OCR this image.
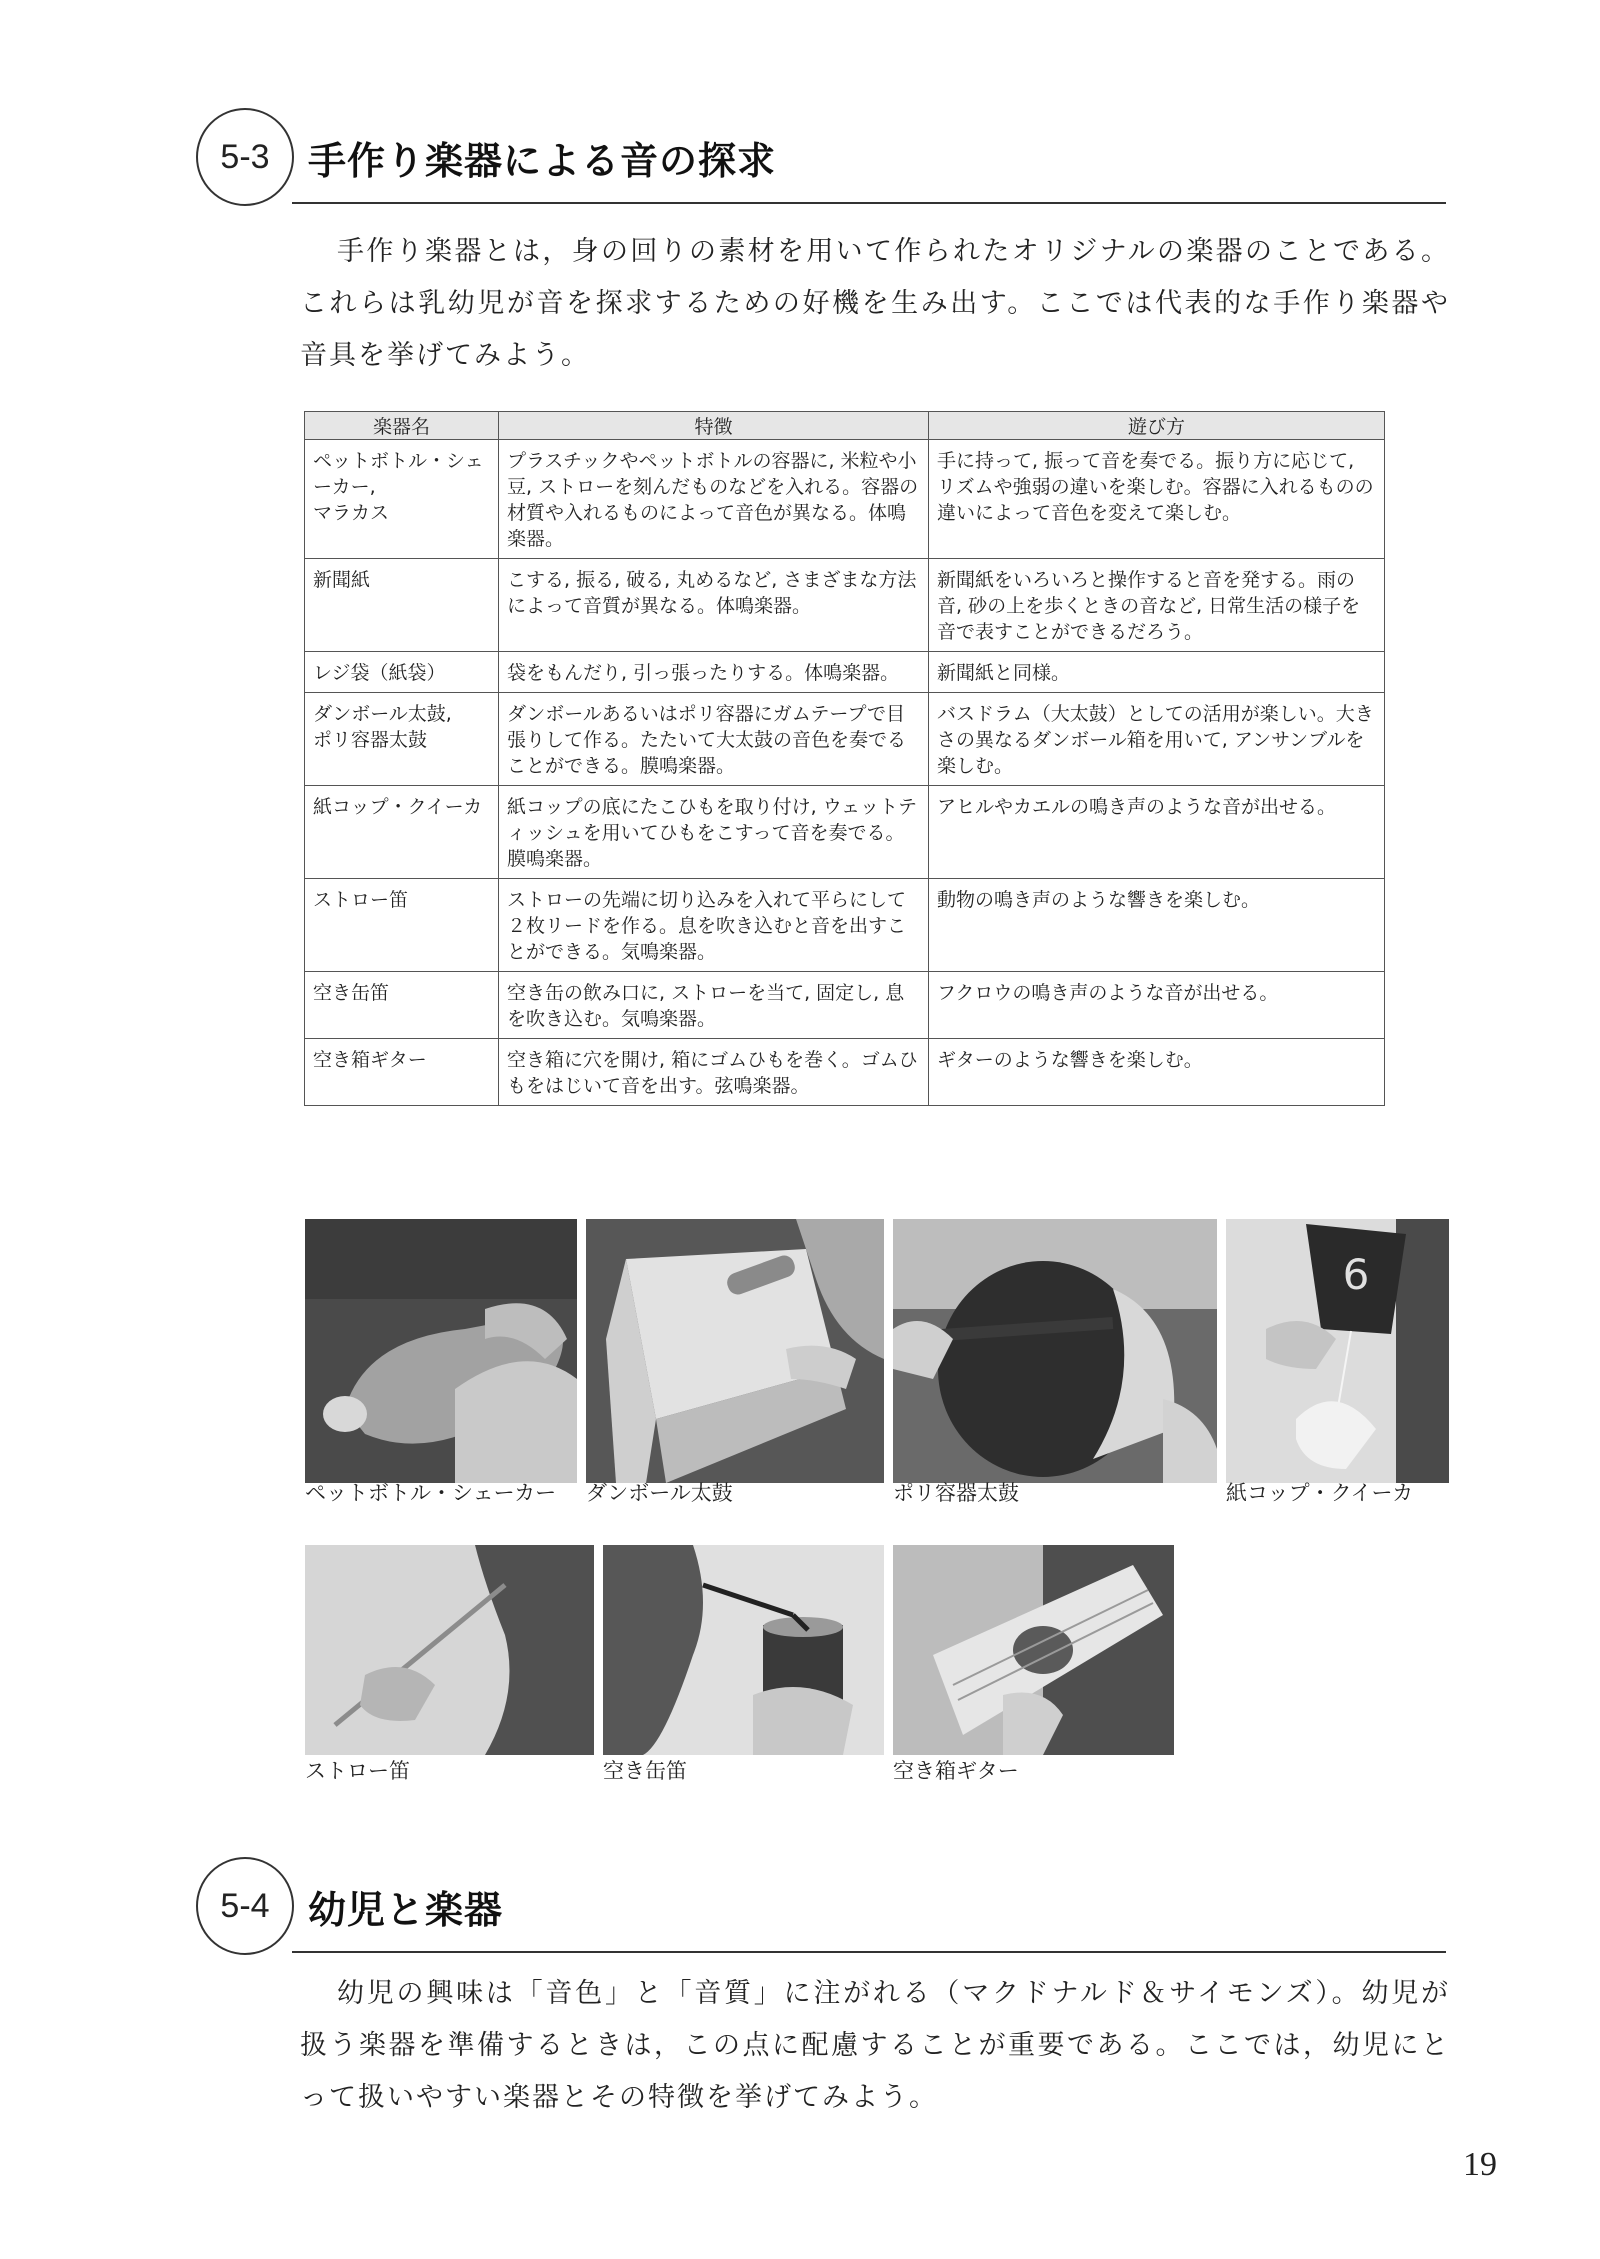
5-3	手作り楽器による音の探求
手作り楽器とは，身の回りの素材を用いて作られたオリジナルの楽器のことである。これらは乳幼児が音を探求するための好機を生み出す。ここでは代表的な手作り楽器や音具を挙げてみよう。
楽器名	特徴	遊び方
ペットボトル・シェーカー,
マラカス	プラスチックやペットボトルの容器に, 米粒や小豆, ストローを刻んだものなどを入れる。容器の材質や入れるものによって音色が異なる。体鳴楽器。	手に持って, 振って音を奏でる。振り方に応じて, リズムや強弱の違いを楽しむ。容器に入れるものの違いによって音色を変えて楽しむ。
新聞紙	こする, 振る, 破る, 丸めるなど, さまざまな方法によって音質が異なる。体鳴楽器。	新聞紙をいろいろと操作すると音を発する。雨の音, 砂の上を歩くときの音など, 日常生活の様子を音で表すことができるだろう。
レジ袋（紙袋）	袋をもんだり, 引っ張ったりする。体鳴楽器。	新聞紙と同様。
ダンボール太鼓,
ポリ容器太鼓	ダンボールあるいはポリ容器にガムテープで目張りして作る。たたいて大太鼓の音色を奏でることができる。膜鳴楽器。	バスドラム（大太鼓）としての活用が楽しい。大きさの異なるダンボール箱を用いて, アンサンブルを楽しむ。
紙コップ・クイーカ	紙コップの底にたこひもを取り付け, ウェットティッシュを用いてひもをこすって音を奏でる。膜鳴楽器。	アヒルやカエルの鳴き声のような音が出せる。
ストロー笛	ストローの先端に切り込みを入れて平らにして２枚リードを作る。息を吹き込むと音を出すことができる。気鳴楽器。	動物の鳴き声のような響きを楽しむ。
空き缶笛	空き缶の飲み口に, ストローを当て, 固定し, 息を吹き込む。気鳴楽器。	フクロウの鳴き声のような音が出せる。
空き箱ギター	空き箱に穴を開け, 箱にゴムひもを巻く。ゴムひもをはじいて音を出す。弦鳴楽器。	ギターのような響きを楽しむ。
6
ペットボトル・シェーカー ダンボール太鼓	ポリ容器太鼓	紙コップ・クイーカ
ストロー笛	空き缶笛	空き箱ギター
5-4	幼児と楽器
幼児の興味は「音色」と「音質」に注がれる（マクドナルド＆サイモンズ）。幼児が扱う楽器を準備するときは，この点に配慮することが重要である。ここでは，幼児にとって扱いやすい楽器とその特徴を挙げてみよう。
19
